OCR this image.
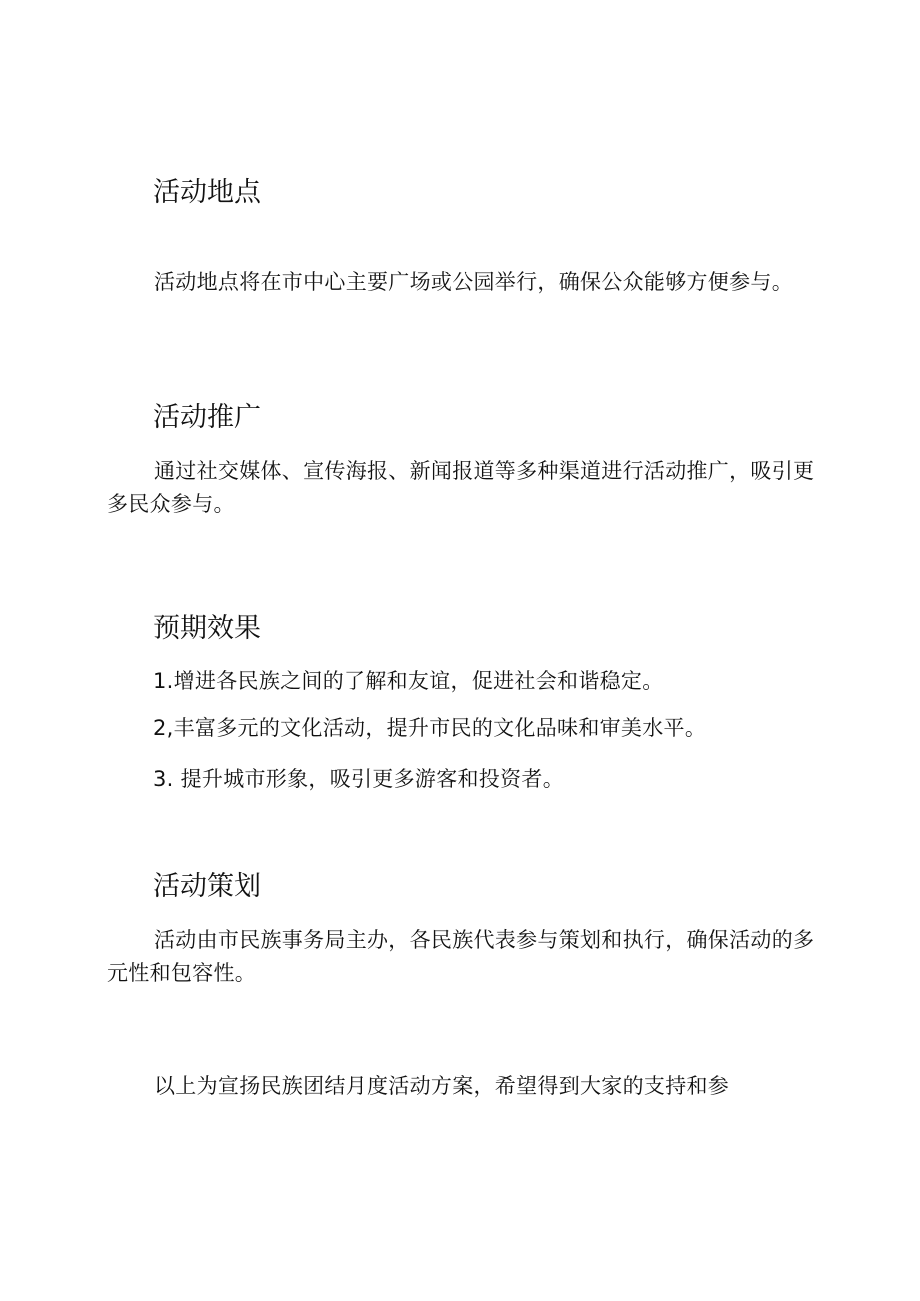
活动地点

活动地点将在市中心主要广场或公园举行，确保公众能够方便参与。

活动推广

通过社交媒体、宣传海报、新闻报道等多种渠道进行活动推广，吸引更多民众参与。

预期效果

1.增进各民族之间的了解和友谊，促进社会和谐稳定。

2,丰富多元的文化活动，提升市民的文化品味和审美水平。

3. 提升城市形象，吸引更多游客和投资者。

活动策划

活动由市民族事务局主办，各民族代表参与策划和执行，确保活动的多元性和包容性。

以上为宣扬民族团结月度活动方案，希望得到大家的支持和参
